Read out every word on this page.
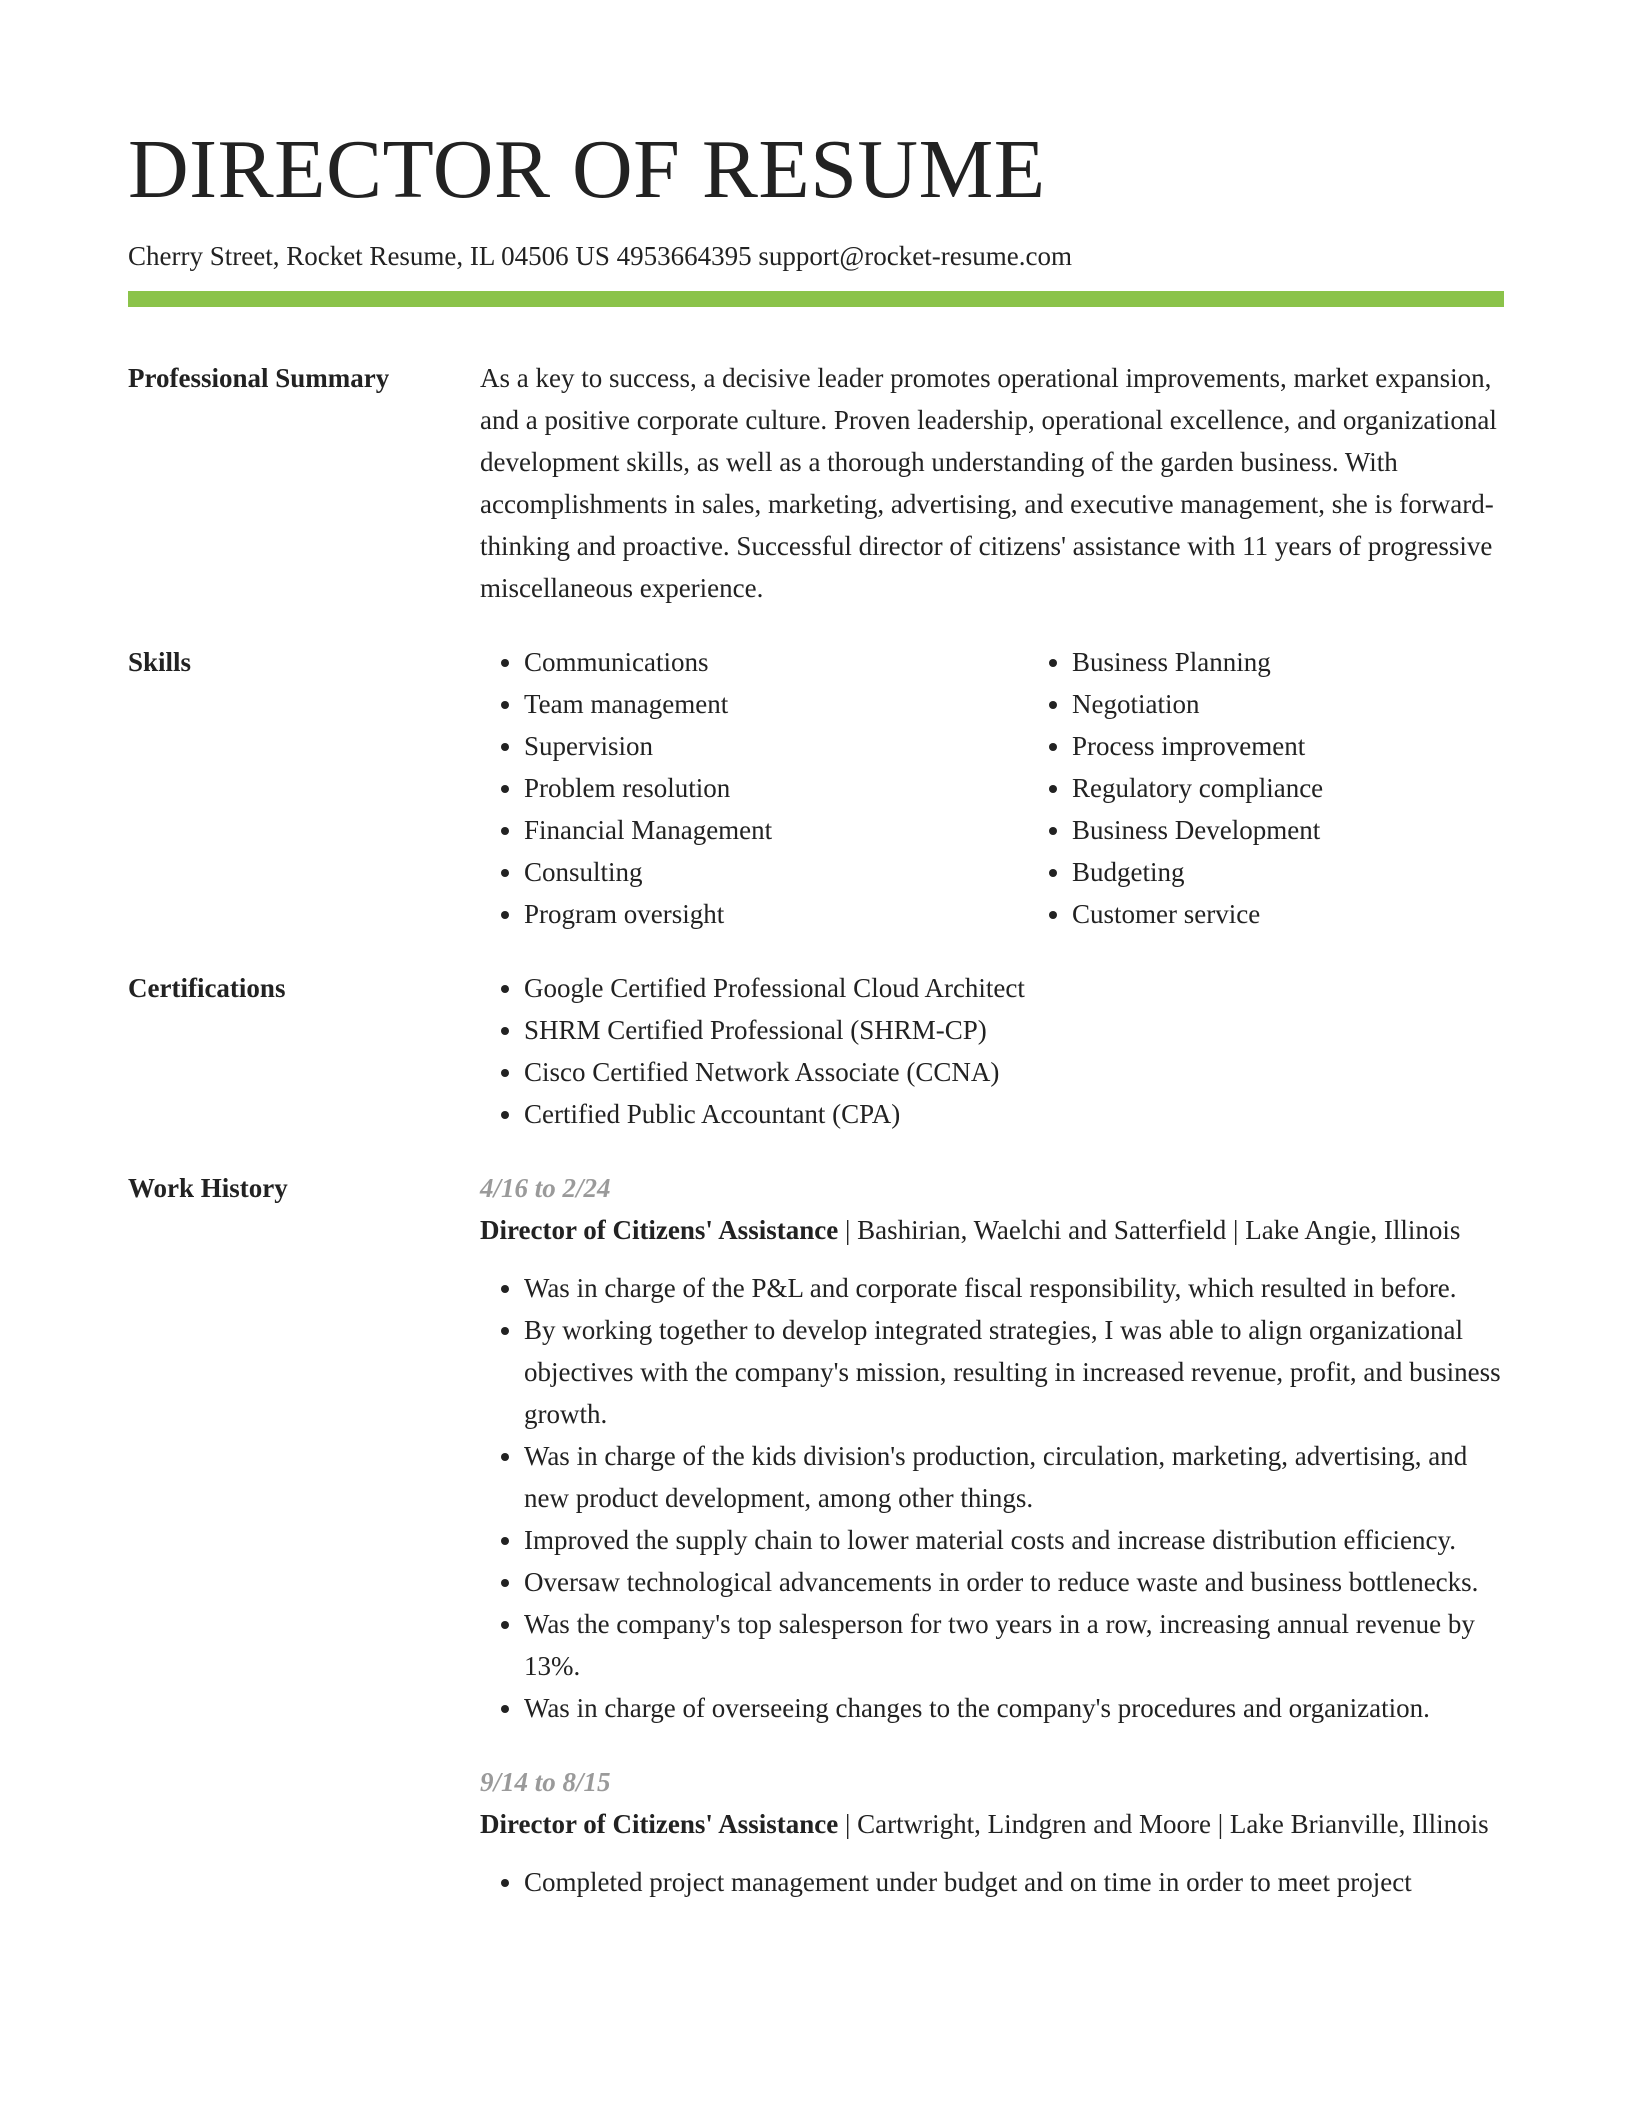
DIRECTOR OF RESUME
Cherry Street, Rocket Resume, IL 04506 US 4953664395 support@rocket-resume.com
Professional Summary	As a key to success, a decisive leader promotes operational improvements, market expansion, and a positive corporate culture. Proven leadership, operational excellence, and organizational development skills, as well as a thorough understanding of the garden business. With accomplishments in sales, marketing, advertising, and executive management, she is forward-thinking and proactive. Successful director of citizens' assistance with 11 years of progressive miscellaneous experience.

Skills	• Communications
• Team management
• Supervision
• Problem resolution
• Financial Management
• Consulting
• Program oversight
• Business Planning
• Negotiation
• Process improvement
• Regulatory compliance
• Business Development
• Budgeting
• Customer service
Certifications	• Google Certified Professional Cloud Architect
• SHRM Certified Professional (SHRM-CP)
• Cisco Certified Network Associate (CCNA)
• Certified Public Accountant (CPA)
Work History	4/16 to 2/24
Director of Citizens' Assistance | Bashirian, Waelchi and Satterfield | Lake Angie, Illinois
• Was in charge of the P&L and corporate fiscal responsibility, which resulted in before.
• By working together to develop integrated strategies, I was able to align organizational objectives with the company's mission, resulting in increased revenue, profit, and business growth.
• Was in charge of the kids division's production, circulation, marketing, advertising, and new product development, among other things.
• Improved the supply chain to lower material costs and increase distribution efficiency.
• Oversaw technological advancements in order to reduce waste and business bottlenecks.
• Was the company's top salesperson for two years in a row, increasing annual revenue by 13%.
• Was in charge of overseeing changes to the company's procedures and organization.
9/14 to 8/15
Director of Citizens' Assistance | Cartwright, Lindgren and Moore | Lake Brianville, Illinois
• Completed project management under budget and on time in order to meet project
